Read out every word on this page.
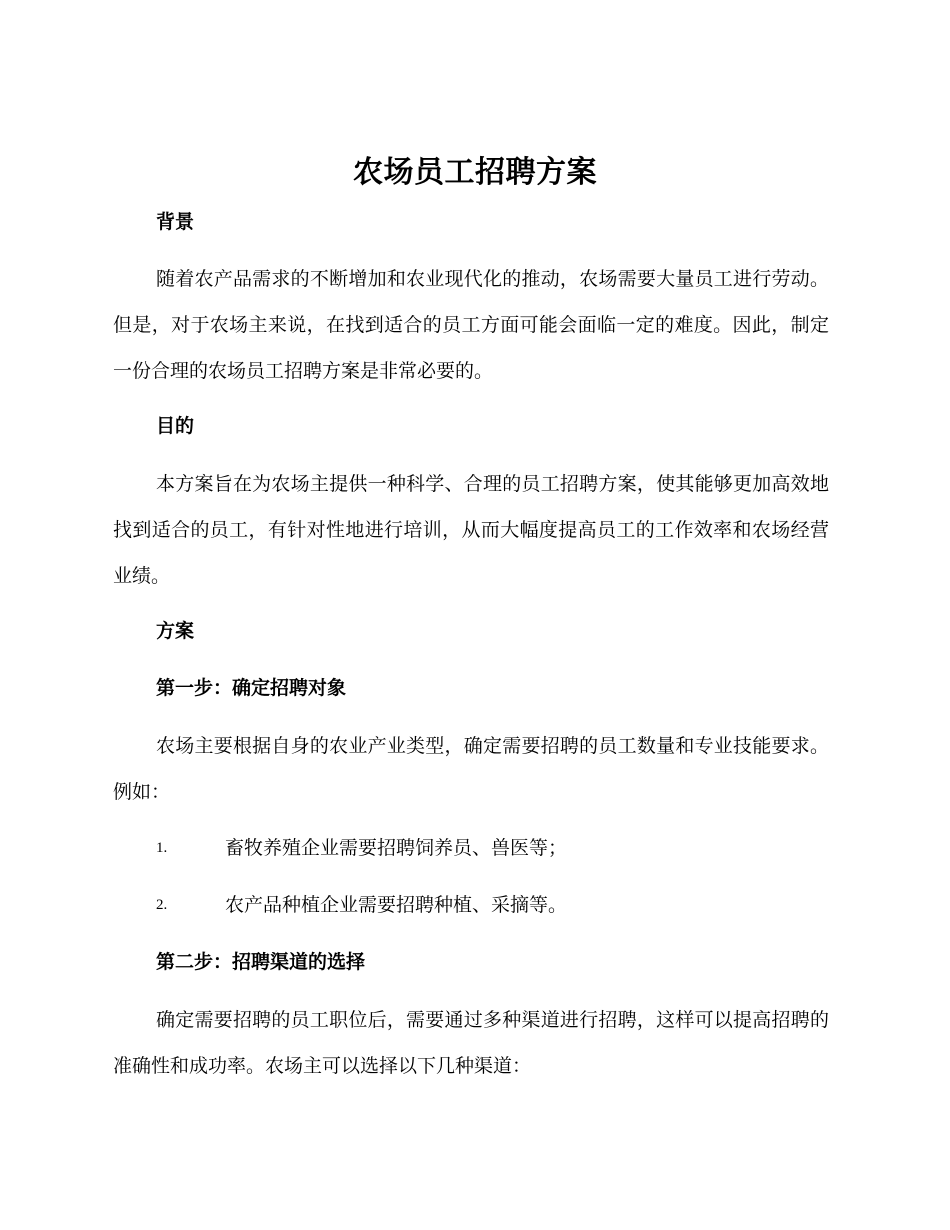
农场员工招聘方案
背景
随着农产品需求的不断增加和农业现代化的推动，农场需要大量员工进行劳动。但是，对于农场主来说，在找到适合的员工方面可能会面临一定的难度。因此，制定一份合理的农场员工招聘方案是非常必要的。
目的
本方案旨在为农场主提供一种科学、合理的员工招聘方案，使其能够更加高效地找到适合的员工，有针对性地进行培训，从而大幅度提高员工的工作效率和农场经营业绩。
方案
第一步：确定招聘对象
农场主要根据自身的农业产业类型，确定需要招聘的员工数量和专业技能要求。例如：
1.	畜牧养殖企业需要招聘饲养员、兽医等；
2.	农产品种植企业需要招聘种植、采摘等。
第二步：招聘渠道的选择
确定需要招聘的员工职位后，需要通过多种渠道进行招聘，这样可以提高招聘的准确性和成功率。农场主可以选择以下几种渠道：
